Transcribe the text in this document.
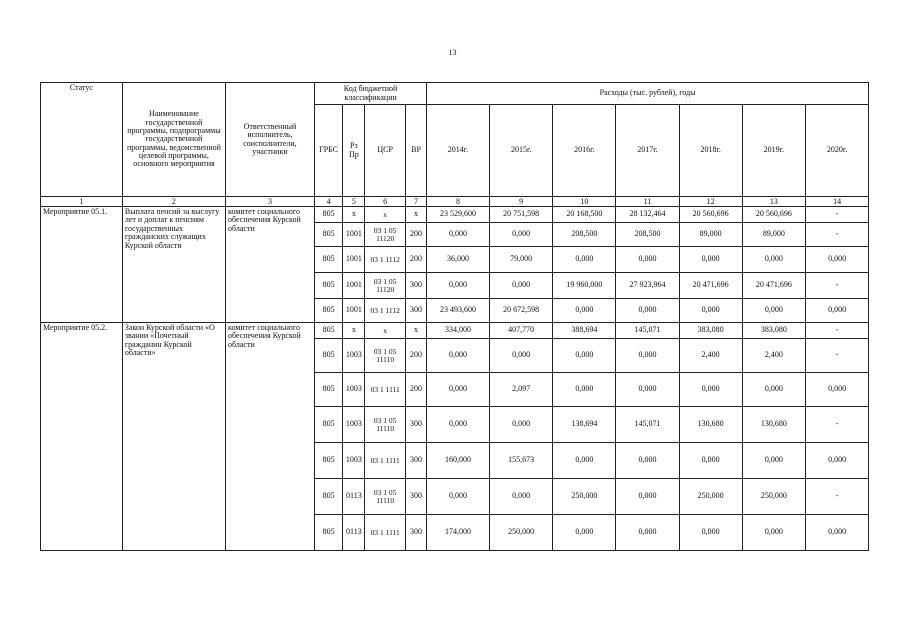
13
Статус	Наименование государственной программы, подпрограммы государственной программы, ведомственной целевой программы, основного мероприятия	Ответственный исполнитель, соисполнители, участники	Код бюджетной классификации				Расходы (тыс. рублей), годы						
			ГРБС	Рз Пр	ЦСР	ВР	2014г.	2015г.	2016г.	2017г.	2018г.	2019г.	2020г.
1	2	3	4	5	6	7	8	9	10	11	12	13	14
Мероприятие 05.1.	Выплата пенсий за выслугу лет и доплат к пенсиям государственных гражданских служащих Курской области	комитет социального обеспечения Курской области	805	х	х	х	23 529,600	20 751,598	20 168,500	28 132,464	20 560,696	20 560,696	-
			805	1001	03 1 05 11120	200	0,000	0,000	208,500	208,500	89,000	89,000	-
			805	1001	03 1 1112	200	36,000	79,000	0,000	0,000	0,000	0,000	0,000
			805	1001	03 1 05 11120	300	0,000	0,000	19 960,000	27 923,964	20 471,696	20 471,696	-
			805	1001	03 1 1112	300	23 493,600	20 672,598	0,000	0,000	0,000	0,000	0,000
Мероприятие 05.2.	Закон Курской области «О звании «Почетный гражданин Курской области»	комитет социального обеспечения Курской области	805	х	х	х	334,000	407,770	388,694	145,071	383,080	383,080	-
			805	1003	03 1 05 11110	200	0,000	0,000	0,000	0,000	2,400	2,400	-
			805	1003	03 1 1111	200	0,000	2,097	0,000	0,000	0,000	0,000	0,000
			805	1003	03 1 05 11110	300	0,000	0,000	138,694	145,071	130,680	130,680	-
			805	1003	03 1 1111	300	160,000	155,673	0,000	0,000	0,000	0,000	0,000
			805	0113	03 1 05 11110	300	0,000	0,000	250,000	0,000	250,000	250,000	-
			805	0113	03 1 1111	300	174,000	250,000	0,000	0,000	0,000	0,000	0,000
